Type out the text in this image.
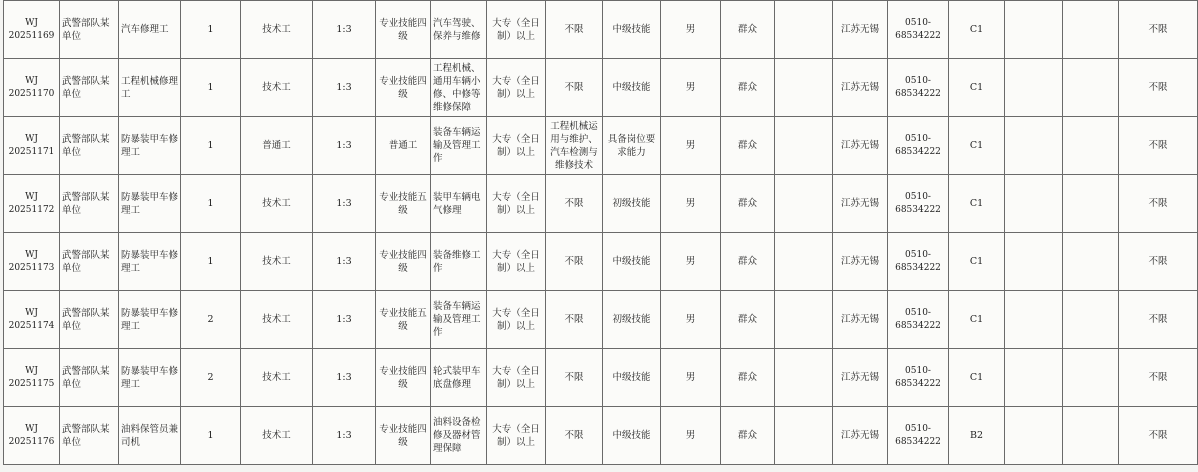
WJ
20251169	武警部队某单位	汽车修理工	1	技术工	1:3	专业技能四级	汽车驾驶、保养与维修	大专（全日制）以上	不限	中级技能	男	群众		江苏无锡	0510-
68534222	C1			不限

WJ
20251170	武警部队某单位	工程机械修理工	1	技术工	1:3	专业技能四级	工程机械、通用车辆小修、中修等维修保障	大专（全日制）以上	不限	中级技能	男	群众		江苏无锡	0510-
68534222	C1			不限

WJ
20251171	武警部队某单位	防暴装甲车修理工	1	普通工	1:3	普通工	装备车辆运输及管理工作	大专（全日制）以上	工程机械运用与维护、汽车检测与维修技术	具备岗位要求能力	男	群众		江苏无锡	0510-
68534222	C1			不限

WJ
20251172	武警部队某单位	防暴装甲车修理工	1	技术工	1:3	专业技能五级	装甲车辆电气修理	大专（全日制）以上	不限	初级技能	男	群众		江苏无锡	0510-
68534222	C1			不限

WJ
20251173	武警部队某单位	防暴装甲车修理工	1	技术工	1:3	专业技能四级	装备维修工作	大专（全日制）以上	不限	中级技能	男	群众		江苏无锡	0510-
68534222	C1			不限

WJ
20251174	武警部队某单位	防暴装甲车修理工	2	技术工	1:3	专业技能五级	装备车辆运输及管理工作	大专（全日制）以上	不限	初级技能	男	群众		江苏无锡	0510-
68534222	C1			不限

WJ
20251175	武警部队某单位	防暴装甲车修理工	2	技术工	1:3	专业技能四级	轮式装甲车底盘修理	大专（全日制）以上	不限	中级技能	男	群众		江苏无锡	0510-
68534222	C1			不限

WJ
20251176	武警部队某单位	油料保管员兼司机	1	技术工	1:3	专业技能四级	油料设备检修及器材管理保障	大专（全日制）以上	不限	中级技能	男	群众		江苏无锡	0510-
68534222	B2			不限
